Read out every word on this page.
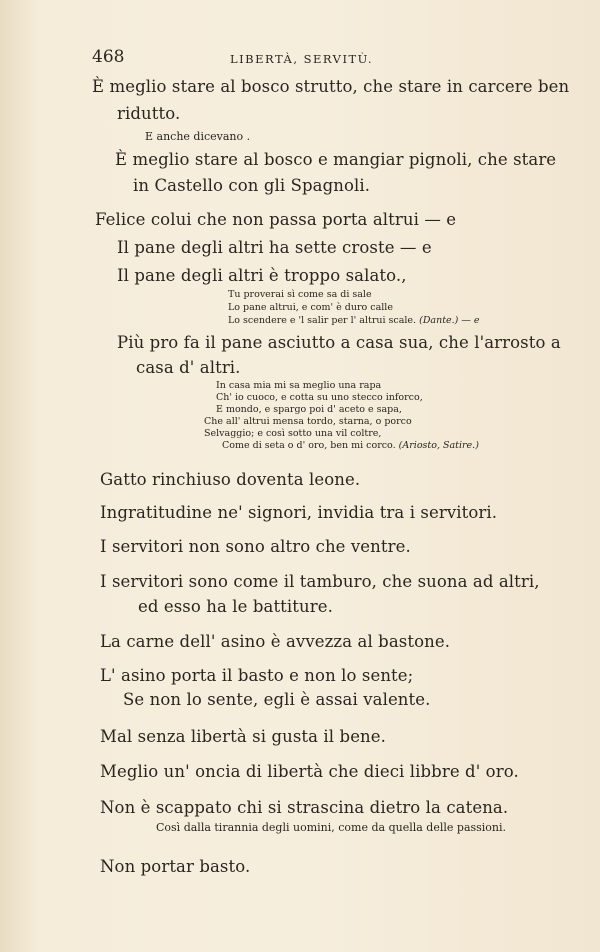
468	LIBERTÀ, SERVITÙ.
È meglio stare al bosco strutto, che stare in carcere ben
ridutto.
E anche dicevano .
È meglio stare al bosco e mangiar pignoli, che stare
in Castello con gli Spagnoli.
Felice colui che non passa porta altrui — e
Il pane degli altri ha sette croste — e
Il pane degli altri è troppo salato.,
Tu proverai sì come sa di sale
Lo pane altrui, e com' è duro calle
Lo scendere e 'l salir per l' altrui scale. (Dante.) — e
Più pro fa il pane asciutto a casa sua, che l'arrosto a
casa d' altri.
In casa mia mi sa meglio una rapa
Ch' io cuoco, e cotta su uno stecco inforco,
E mondo, e spargo poi d' aceto e sapa,
Che all' altrui mensa tordo, starna, o porco
Selvaggio; e così sotto una vil coltre,
Come di seta o d' oro, ben mi corco. (Ariosto, Satire.)
Gatto rinchiuso doventa leone.
Ingratitudine ne' signori, invidia tra i servitori.
I servitori non sono altro che ventre.
I servitori sono come il tamburo, che suona ad altri,
ed esso ha le battiture.
La carne dell' asino è avvezza al bastone.
L' asino porta il basto e non lo sente;
Se non lo sente, egli è assai valente.
Mal senza libertà si gusta il bene.
Meglio un' oncia di libertà che dieci libbre d' oro.
Non è scappato chi si strascina dietro la catena.
Così dalla tirannia degli uomini, come da quella delle passioni.
Non portar basto.
